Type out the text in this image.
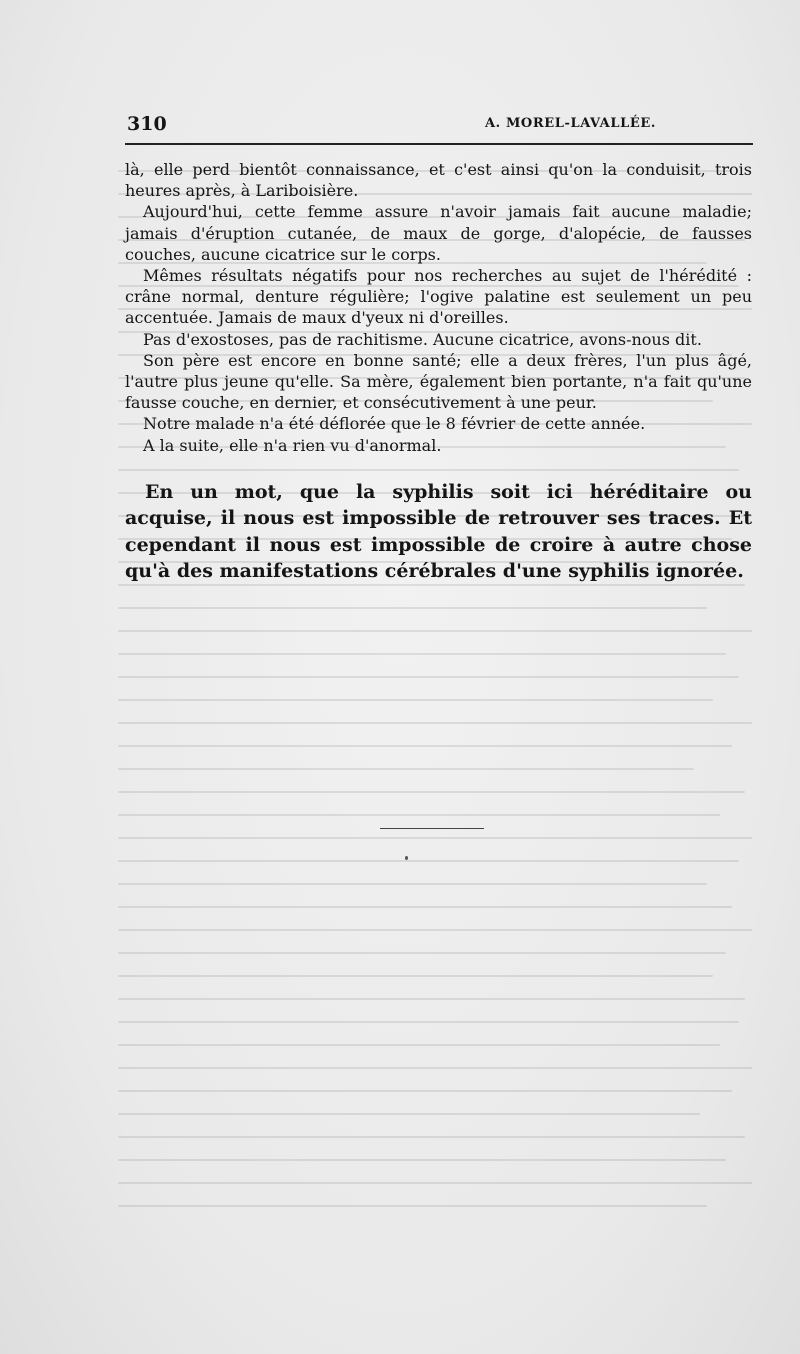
310	A. MOREL-LAVALLÉE.

là, elle perd bientôt connaissance, et c'est ainsi qu'on la conduisit, trois heures après, à Lariboisière.

Aujourd'hui, cette femme assure n'avoir jamais fait aucune maladie; jamais d'éruption cutanée, de maux de gorge, d'alopécie, de fausses couches, aucune cicatrice sur le corps.

Mêmes résultats négatifs pour nos recherches au sujet de l'hérédité : crâne normal, denture régulière; l'ogive palatine est seulement un peu accentuée. Jamais de maux d'yeux ni d'oreilles.

Pas d'exostoses, pas de rachitisme. Aucune cicatrice, avons-nous dit.

Son père est encore en bonne santé; elle a deux frères, l'un plus âgé, l'autre plus jeune qu'elle. Sa mère, également bien portante, n'a fait qu'une fausse couche, en dernier, et consécutivement à une peur.

Notre malade n'a été déflorée que le 8 février de cette année.

A la suite, elle n'a rien vu d'anormal.

En un mot, que la syphilis soit ici héréditaire ou acquise, il nous est impossible de retrouver ses traces. Et cependant il nous est impossible de croire à autre chose qu'à des manifestations cérébrales d'une syphilis ignorée.
